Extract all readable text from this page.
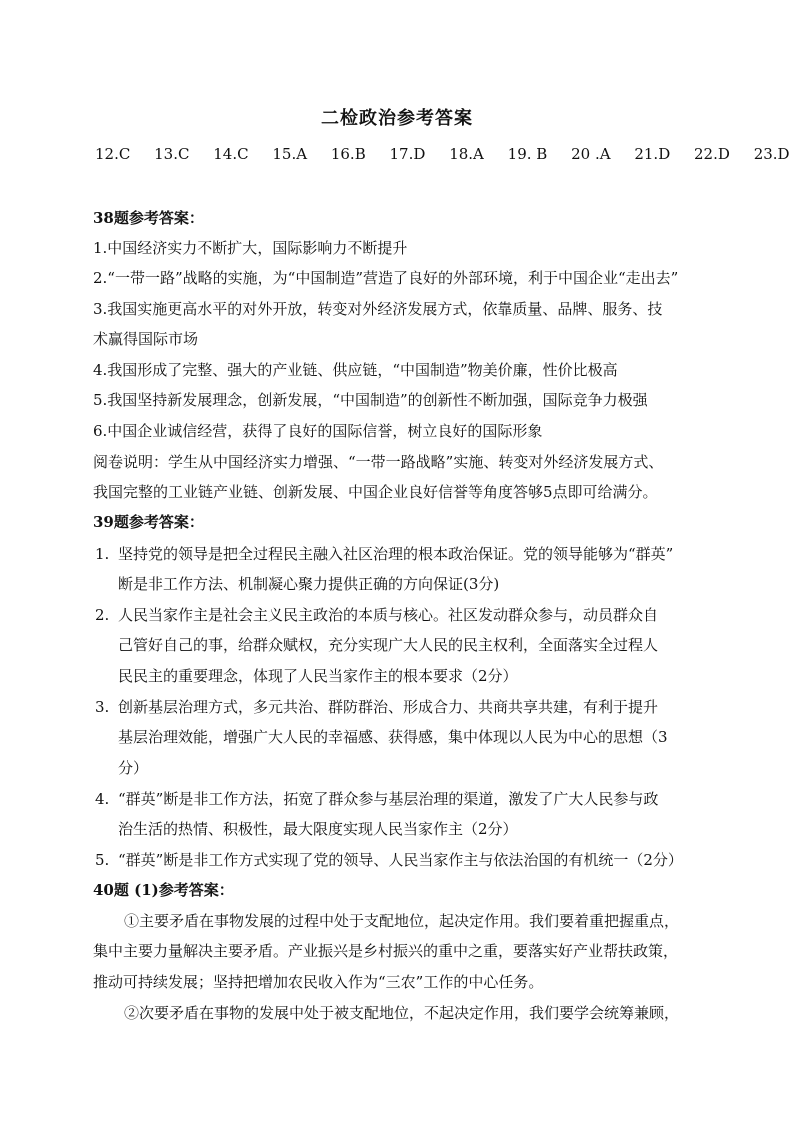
二检政治参考答案
12.C 13.C 14.C 15.A 16.B 17.D 18.A 19. B 20 .A 21.D 22.D 23.D
38题参考答案：
1.中国经济实力不断扩大，国际影响力不断提升
2.“一带一路”战略的实施，为“中国制造”营造了良好的外部环境，利于中国企业“走出去”
3.我国实施更高水平的对外开放，转变对外经济发展方式，依靠质量、品牌、服务、技
术赢得国际市场
4.我国形成了完整、强大的产业链、供应链，“中国制造”物美价廉，性价比极高
5.我国坚持新发展理念，创新发展，“中国制造”的创新性不断加强，国际竞争力极强
6.中国企业诚信经营，获得了良好的国际信誉，树立良好的国际形象
阅卷说明：学生从中国经济实力增强、“一带一路战略”实施、转变对外经济发展方式、
我国完整的工业链产业链、创新发展、中国企业良好信誉等角度答够5点即可给满分。
39题参考答案：
1. 坚持党的领导是把全过程民主融入社区治理的根本政治保证。党的领导能够为“群英”
断是非工作方法、机制凝心聚力提供正确的方向保证(3分)
2. 人民当家作主是社会主义民主政治的本质与核心。社区发动群众参与，动员群众自
己管好自己的事，给群众赋权，充分实现广大人民的民主权利，全面落实全过程人
民民主的重要理念，体现了人民当家作主的根本要求（2分）
3. 创新基层治理方式，多元共治、群防群治、形成合力、共商共享共建，有利于提升
基层治理效能，增强广大人民的幸福感、获得感，集中体现以人民为中心的思想（3
分）
4. “群英”断是非工作方法，拓宽了群众参与基层治理的渠道，激发了广大人民参与政
治生活的热情、积极性，最大限度实现人民当家作主（2分）
5. “群英”断是非工作方式实现了党的领导、人民当家作主与依法治国的有机统一（2分）
40题 (1)参考答案：
①主要矛盾在事物发展的过程中处于支配地位，起决定作用。我们要着重把握重点，
集中主要力量解决主要矛盾。产业振兴是乡村振兴的重中之重，要落实好产业帮扶政策，
推动可持续发展；坚持把增加农民收入作为“三农”工作的中心任务。
②次要矛盾在事物的发展中处于被支配地位，不起决定作用，我们要学会统筹兼顾，
